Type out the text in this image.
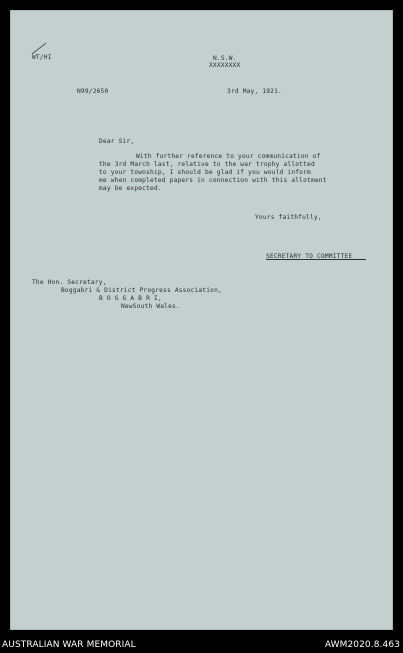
WT/HI	N.S.W.
XXXXXXXX
N99/2650	3rd May, 1921.
Dear Sir,
With further reference to your communication of
the 3rd March last, relative to the war trophy allotted
to your township, I should be glad if you would inform
me when completed papers in connection with this allotment
may be expected.
Yours faithfully,
SECRETARY TO COMMITTEE
The Hon. Secretary,
Boggabri & District Progress Association,
B O G G A B R I,
NewSouth Wales.
AUSTRALIAN WAR MEMORIAL	AWM2020.8.463
